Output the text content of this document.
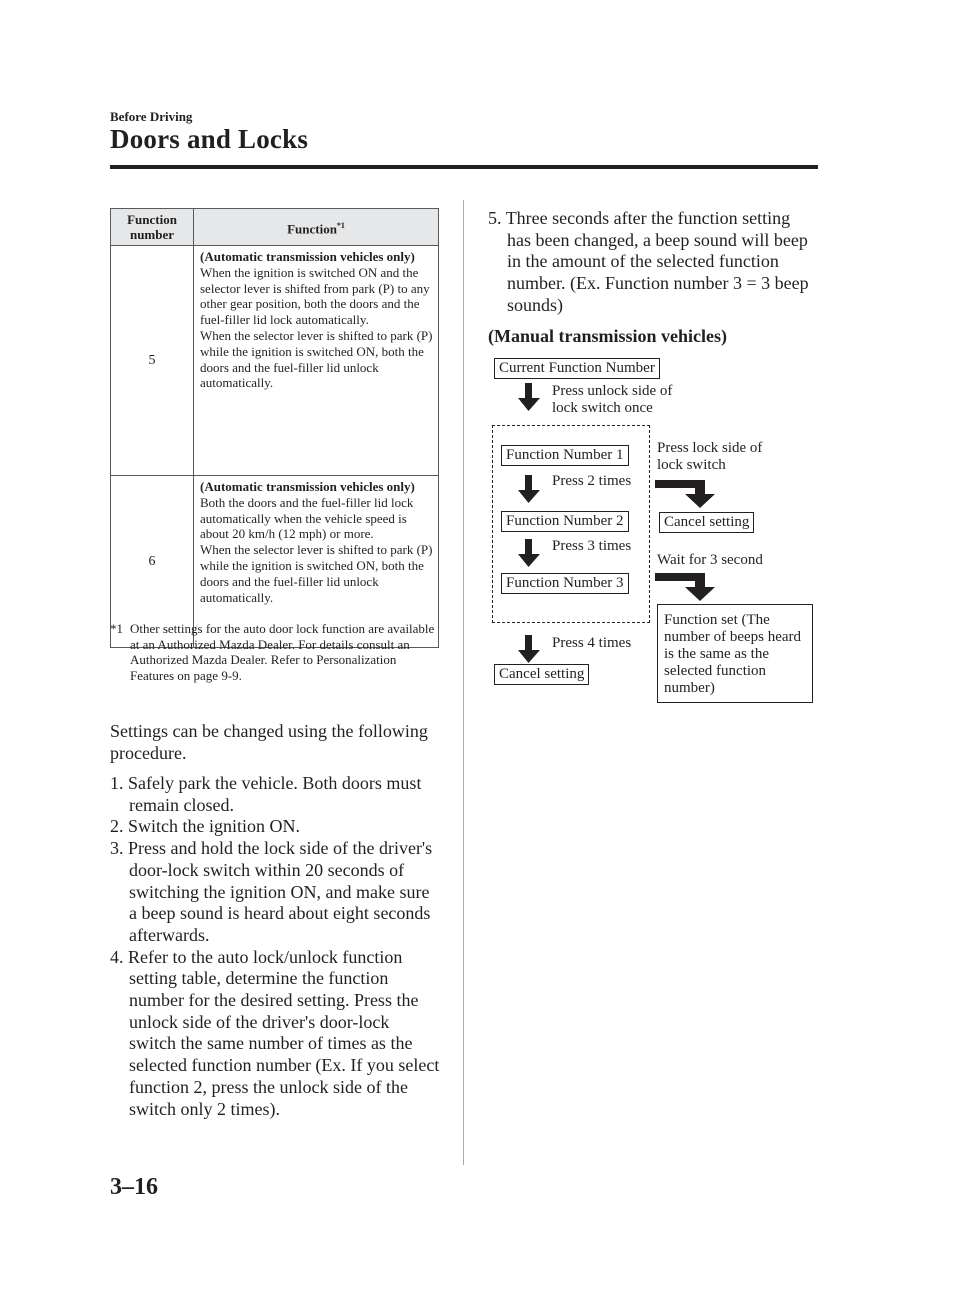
Before Driving
Doors and Locks
Function number	Function$^{*1}$
5	(Automatic transmission vehicles only)
When the ignition is switched ON and the selector lever is shifted from park (P) to any other gear position, both the doors and the fuel-filler lid lock automatically.
When the selector lever is shifted to park (P) while the ignition is switched ON, both the doors and the fuel-filler lid unlock automatically.
6	(Automatic transmission vehicles only)
Both the doors and the fuel-filler lid lock automatically when the vehicle speed is about 20 km/h (12 mph) or more.
When the selector lever is shifted to park (P) while the ignition is switched ON, both the doors and the fuel-filler lid unlock automatically.
*1 Other settings for the auto door lock function are available at an Authorized Mazda Dealer. For details consult an Authorized Mazda Dealer. Refer to Personalization Features on page 9-9.
Settings can be changed using the following procedure.
1. Safely park the vehicle. Both doors must remain closed.
2. Switch the ignition ON.
3. Press and hold the lock side of the driver's door-lock switch within 20 seconds of switching the ignition ON, and make sure a beep sound is heard about eight seconds afterwards.
4. Refer to the auto lock/unlock function setting table, determine the function number for the desired setting. Press the unlock side of the driver's door-lock switch the same number of times as the selected function number (Ex. If you select function 2, press the unlock side of the switch only 2 times).
5. Three seconds after the function setting has been changed, a beep sound will beep in the amount of the selected function number. (Ex. Function number 3 = 3 beep sounds)
(Manual transmission vehicles)
Current Function Number
Press unlock side of
lock switch once
Function Number 1
Press 2 times
Function Number 2
Press 3 times
Function Number 3
Press 4 times
Cancel setting
Press lock side of
lock switch
Cancel setting
Wait for 3 second
Function set (The number of beeps heard is the same as the selected function number)
3–16
